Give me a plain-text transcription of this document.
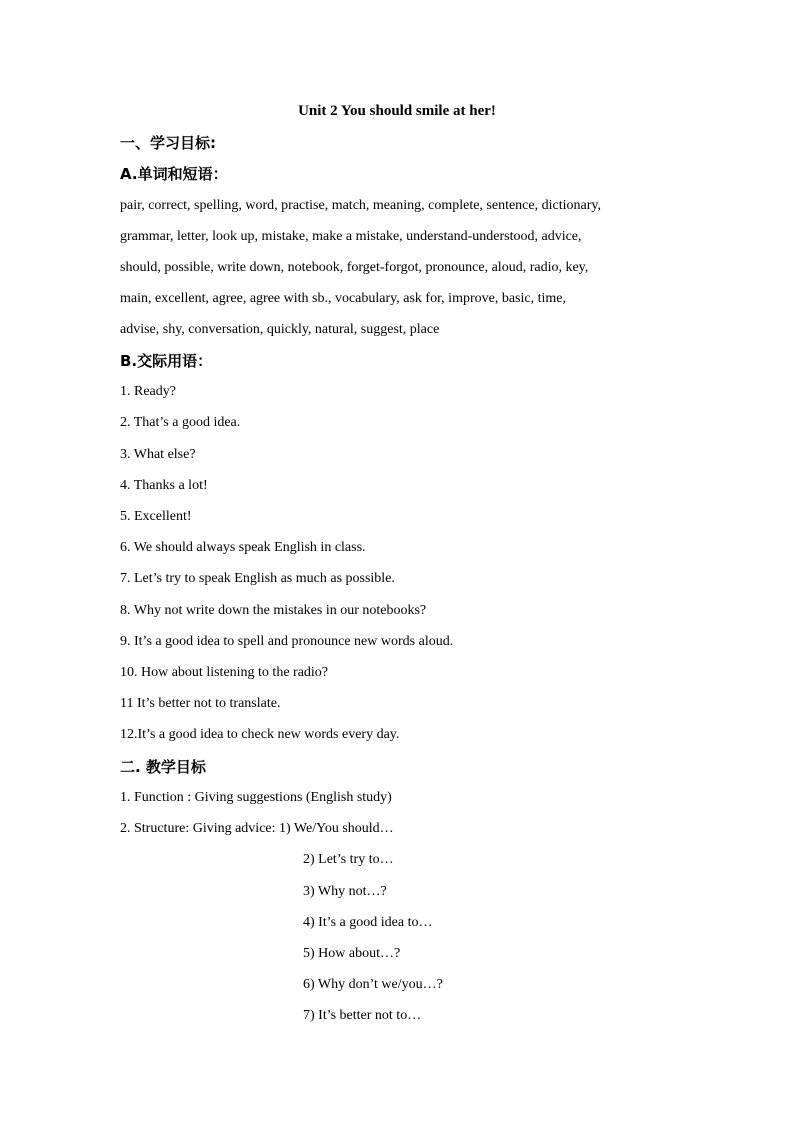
Unit 2 You should smile at her!
一、学习目标:
A.单词和短语：
pair, correct, spelling, word, practise, match, meaning, complete, sentence, dictionary,
grammar, letter, look up, mistake, make a mistake, understand-understood, advice,
should, possible, write down, notebook, forget-forgot, pronounce, aloud, radio, key,
main, excellent, agree, agree with sb., vocabulary, ask for, improve, basic, time,
advise, shy, conversation, quickly, natural, suggest, place
B.交际用语：
1. Ready?
2. That’s a good idea.
3. What else?
4. Thanks a lot!
5. Excellent!
6. We should always speak English in class.
7. Let’s try to speak English as much as possible.
8. Why not write down the mistakes in our notebooks?
9. It’s a good idea to spell and pronounce new words aloud.
10. How about listening to the radio?
11 It’s better not to translate.
12.It’s a good idea to check new words every day.
二. 教学目标
1. Function : Giving suggestions (English study)
2. Structure: Giving advice: 1) We/You should…
2) Let’s try to…
3) Why not…?
4) It’s a good idea to…
5) How about…?
6) Why don’t we/you…?
7) It’s better not to…
